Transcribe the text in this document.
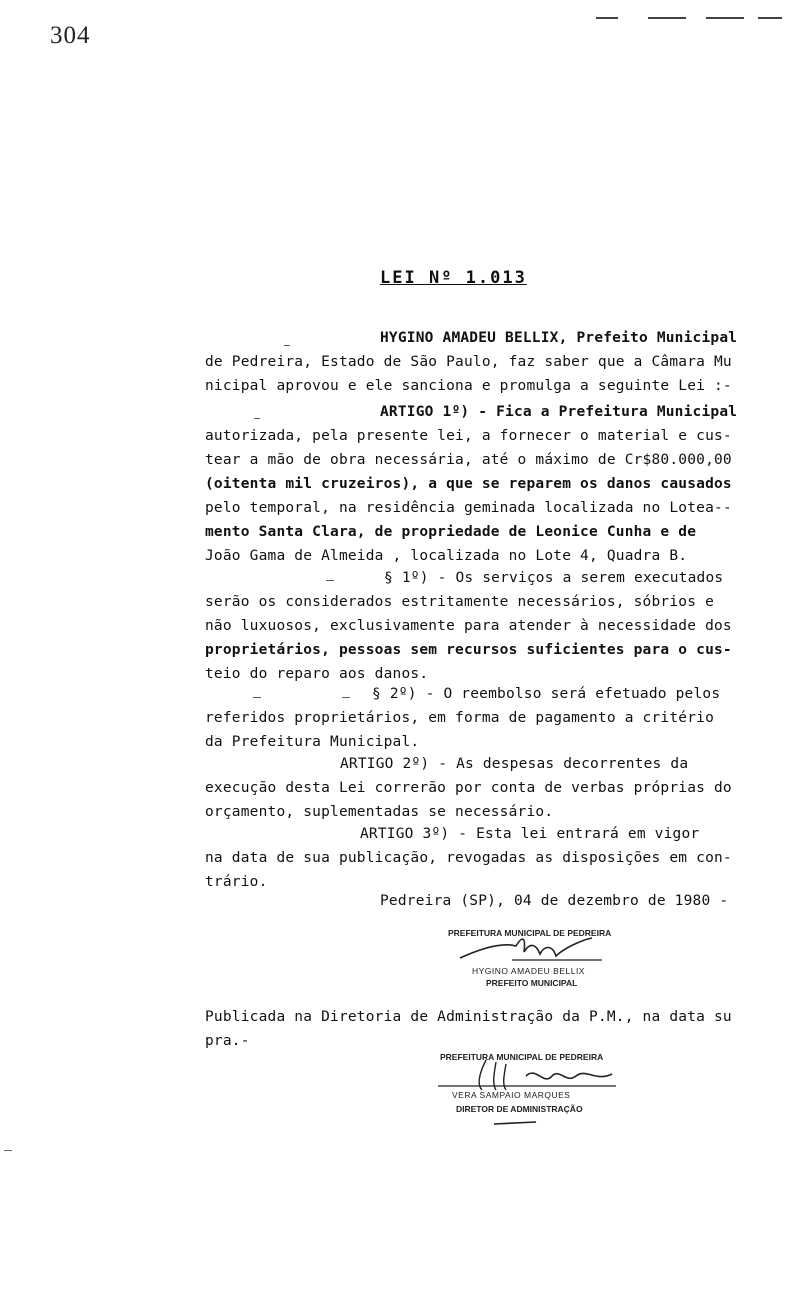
304
LEI Nº 1.013
HYGINO AMADEU BELLIX, Prefeito Municipal
de Pedreira, Estado de São Paulo, faz saber que a Câmara Mu
nicipal aprovou e ele sanciona e promulga a seguinte Lei :-
ARTIGO 1º) - Fica a Prefeitura Municipal
autorizada, pela presente lei, a fornecer o material e cus-
tear a mão de obra necessária, até o máximo de Cr$80.000,00
(oitenta mil cruzeiros), a que se reparem os danos causados
pelo temporal, na residência geminada localizada no Lotea--
mento Santa Clara, de propriedade de Leonice Cunha e de
João Gama de Almeida , localizada no Lote 4, Quadra B.
§ 1º) - Os serviços a serem executados
serão os considerados estritamente necessários, sóbrios e
não luxuosos, exclusivamente para atender à necessidade dos
proprietários, pessoas sem recursos suficientes para o cus-
teio do reparo aos danos.
§ 2º) - O reembolso será efetuado pelos
referidos proprietários, em forma de pagamento a critério
da Prefeitura Municipal.
ARTIGO 2º) - As despesas decorrentes da
execução desta Lei correrão por conta de verbas próprias do
orçamento, suplementadas se necessário.
ARTIGO 3º) - Esta lei entrará em vigor
na data de sua publicação, revogadas as disposições em con-
trário.
Pedreira (SP), 04 de dezembro de 1980 -
PREFEITURA MUNICIPAL DE PEDREIRA
HYGINO AMADEU BELLIX
PREFEITO MUNICIPAL
Publicada na Diretoria de Administração da P.M., na data su
pra.-
PREFEITURA MUNICIPAL DE PEDREIRA
VERA SAMPAIO MARQUES
DIRETOR DE ADMINISTRAÇÃO
